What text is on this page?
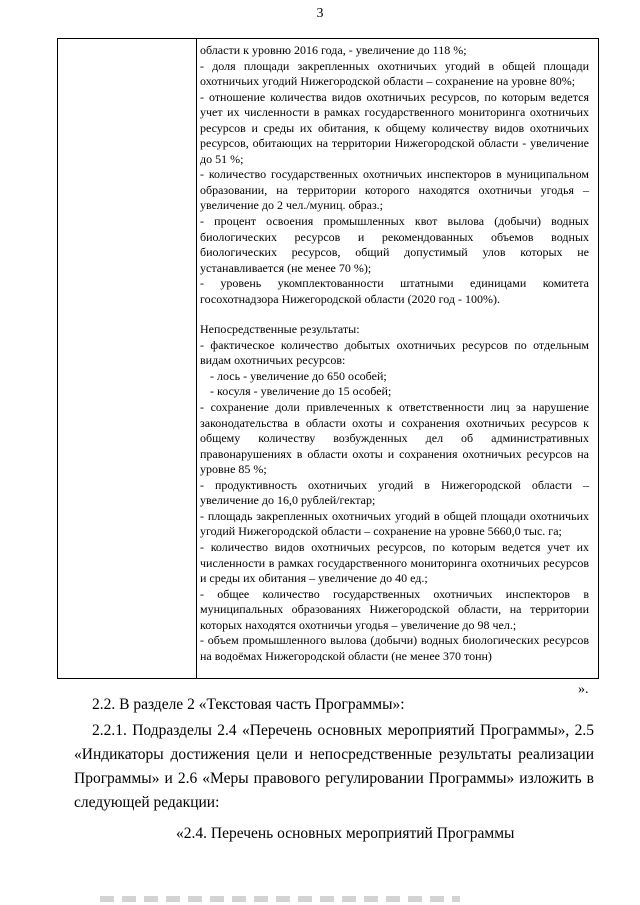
3

области к уровню 2016 года, - увеличение до 118 %;

- доля площади закрепленных охотничьих угодий в общей площади охотничьих угодий Нижегородской области – сохранение на уровне 80%;

- отношение количества видов охотничьих ресурсов, по которым ведется учет их численности в рамках государственного мониторинга охотничьих ресурсов и среды их обитания, к общему количеству видов охотничьих ресурсов, обитающих на территории Нижегородской области - увеличение до 51 %;

- количество государственных охотничьих инспекторов в муниципальном образовании, на территории которого находятся охотничьи угодья – увеличение до 2 чел./муниц. образ.;

- процент освоения промышленных квот вылова (добычи) водных биологических ресурсов и рекомендованных объемов водных биологических ресурсов, общий допустимый улов которых не устанавливается (не менее 70 %);

- уровень укомплектованности штатными единицами комитета госохотнадзора Нижегородской области (2020 год - 100%).

Непосредственные результаты:

- фактическое количество добытых охотничьих ресурсов по отдельным видам охотничьих ресурсов:

- лось - увеличение до 650 особей;

- косуля - увеличение до 15 особей;

- сохранение доли привлеченных к ответственности лиц за нарушение законодательства в области охоты и сохранения охотничьих ресурсов к общему количеству возбужденных дел об административных правонарушениях в области охоты и сохранения охотничьих ресурсов на уровне 85 %;

- продуктивность охотничьих угодий в Нижегородской области – увеличение до 16,0 рублей/гектар;

- площадь закрепленных охотничьих угодий в общей площади охотничьих угодий Нижегородской области – сохранение на уровне 5660,0 тыс. га;

- количество видов охотничьих ресурсов, по которым ведется учет их численности в рамках государственного мониторинга охотничьих ресурсов и среды их обитания – увеличение до 40 ед.;

- общее количество государственных охотничьих инспекторов в муниципальных образованиях Нижегородской области, на территории которых находятся охотничьи угодья – увеличение до 98 чел.;

- объем промышленного вылова (добычи) водных биологических ресурсов на водоёмах Нижегородской области (не менее 370 тонн)

».
2.2. В разделе 2 «Текстовая часть Программы»:
2.2.1. Подразделы 2.4 «Перечень основных мероприятий Программы», 2.5 «Индикаторы достижения цели и непосредственные результаты реализации Программы» и 2.6 «Меры правового регулировании Программы» изложить в следующей редакции:
«2.4. Перечень основных мероприятий Программы
